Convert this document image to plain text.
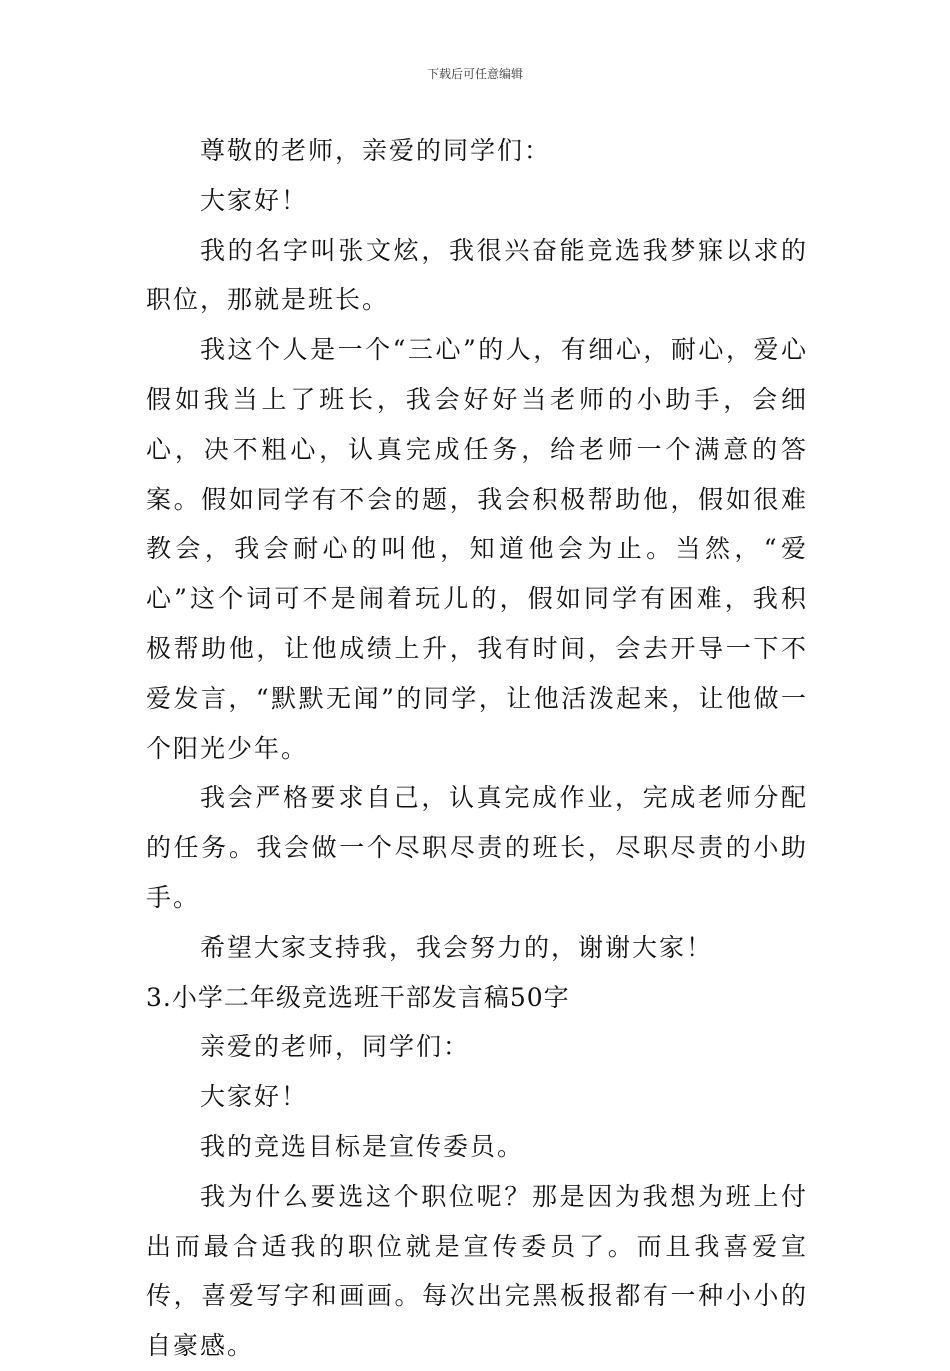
下载后可任意编辑

尊敬的老师，亲爱的同学们：

大家好！

我的名字叫张文炫，我很兴奋能竞选我梦寐以求的职位，那就是班长。

我这个人是一个“三心”的人，有细心，耐心，爱心假如我当上了班长，我会好好当老师的小助手，会细心，决不粗心，认真完成任务，给老师一个满意的答案。假如同学有不会的题，我会积极帮助他，假如很难教会，我会耐心的叫他，知道他会为止。当然，“爱心”这个词可不是闹着玩儿的，假如同学有困难，我积极帮助他，让他成绩上升，我有时间，会去开导一下不爱发言，“默默无闻”的同学，让他活泼起来，让他做一个阳光少年。

我会严格要求自己，认真完成作业，完成老师分配的任务。我会做一个尽职尽责的班长，尽职尽责的小助手。

希望大家支持我，我会努力的，谢谢大家！

3.小学二年级竞选班干部发言稿50字

亲爱的老师，同学们：

大家好！

我的竞选目标是宣传委员。

我为什么要选这个职位呢？那是因为我想为班上付出而最合适我的职位就是宣传委员了。而且我喜爱宣传，喜爱写字和画画。每次出完黑板报都有一种小小的自豪感。
